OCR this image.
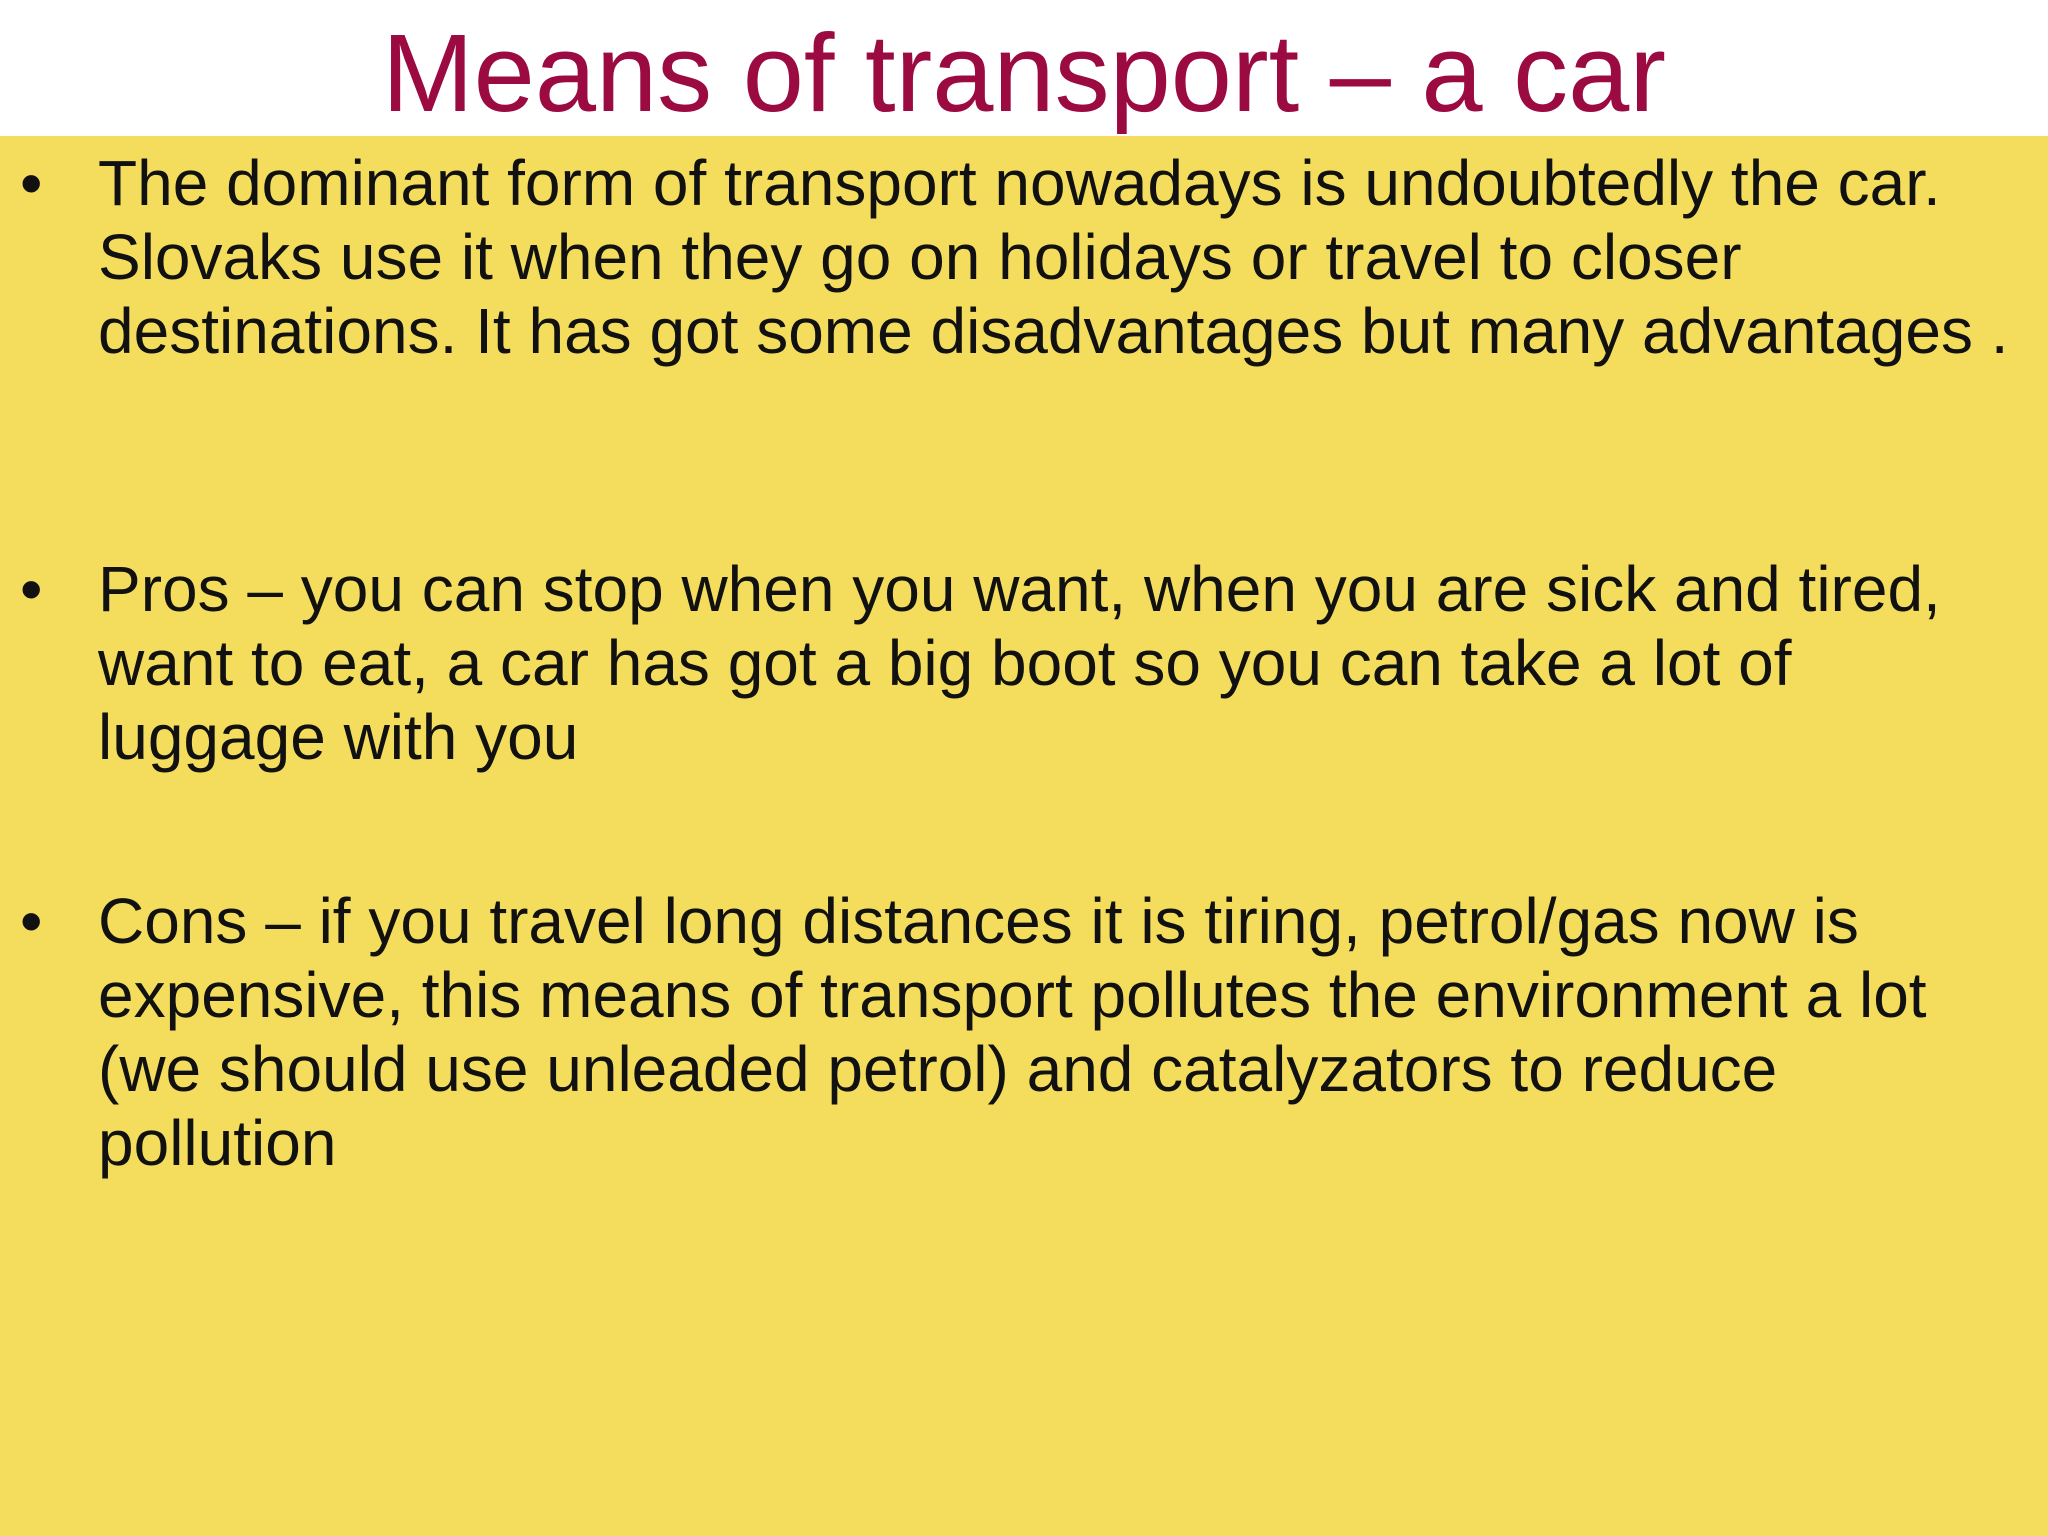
Means of transport – a car
• The dominant form of transport nowadays is undoubtedly the car. Slovaks use it when they go on holidays or travel to closer destinations. It has got some disadvantages but many advantages .

• Pros – you can stop when you want, when you are sick and tired, want to eat, a car has got a big boot so you can take a lot of luggage with you

• Cons – if you travel long distances it is tiring, petrol/gas now is expensive, this means of transport pollutes the environment a lot (we should use unleaded petrol) and catalyzators to reduce pollution
